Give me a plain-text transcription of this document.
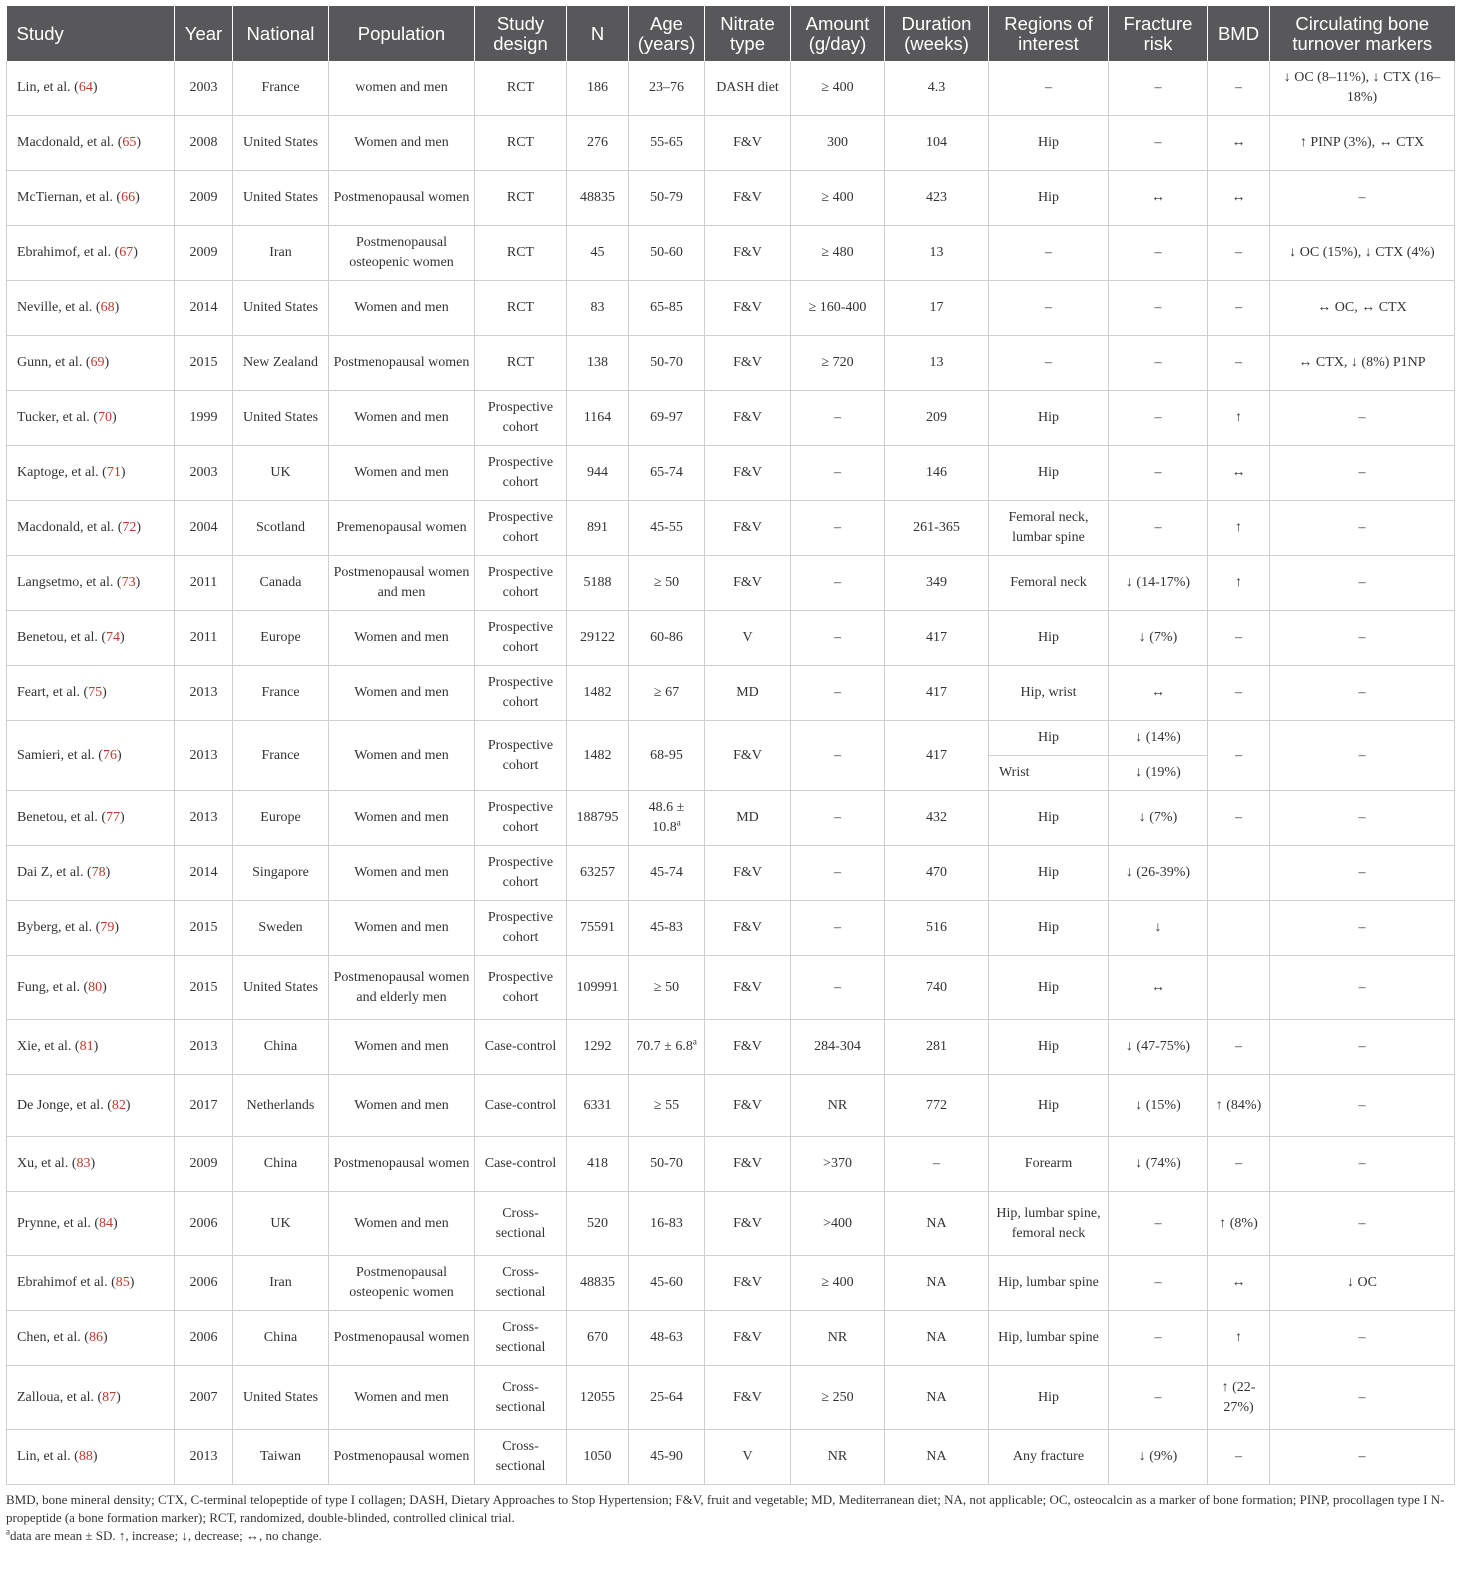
Study	Year	National	Population	Study design	N	Age (years)	Nitrate type	Amount (g/day)	Duration (weeks)	Regions of interest	Fracture risk	BMD	Circulating bone turnover markers
Lin, et al. (64)	2003	France	women and men	RCT	186	23–76	DASH diet	≥ 400	4.3	–	–	–	↓ OC (8–11%), ↓ CTX (16–18%)
Macdonald, et al. (65)	2008	United States	Women and men	RCT	276	55-65	F&V	300	104	Hip	–	↔	↑ PINP (3%), ↔ CTX
McTiernan, et al. (66)	2009	United States	Postmenopausal women	RCT	48835	50-79	F&V	≥ 400	423	Hip	↔	↔	–
Ebrahimof, et al. (67)	2009	Iran	Postmenopausal osteopenic women	RCT	45	50-60	F&V	≥ 480	13	–	–	–	↓ OC (15%), ↓ CTX (4%)
Neville, et al. (68)	2014	United States	Women and men	RCT	83	65-85	F&V	≥ 160-400	17	–	–	–	↔ OC, ↔ CTX
Gunn, et al. (69)	2015	New Zealand	Postmenopausal women	RCT	138	50-70	F&V	≥ 720	13	–	–	–	↔ CTX, ↓ (8%) P1NP
Tucker, et al. (70)	1999	United States	Women and men	Prospective cohort	1164	69-97	F&V	–	209	Hip	–	↑	–
Kaptoge, et al. (71)	2003	UK	Women and men	Prospective cohort	944	65-74	F&V	–	146	Hip	–	↔	–
Macdonald, et al. (72)	2004	Scotland	Premenopausal women	Prospective cohort	891	45-55	F&V	–	261-365	Femoral neck, lumbar spine	–	↑	–
Langsetmo, et al. (73)	2011	Canada	Postmenopausal women and men	Prospective cohort	5188	≥ 50	F&V	–	349	Femoral neck	↓ (14-17%)	↑	–
Benetou, et al. (74)	2011	Europe	Women and men	Prospective cohort	29122	60-86	V	–	417	Hip	↓ (7%)	–	–
Feart, et al. (75)	2013	France	Women and men	Prospective cohort	1482	≥ 67	MD	–	417	Hip, wrist	↔	–	–
Samieri, et al. (76)	2013	France	Women and men	Prospective cohort	1482	68-95	F&V	–	417	Hip	↓ (14%)	–	–
										Wrist	↓ (19%)		
Benetou, et al. (77)	2013	Europe	Women and men	Prospective cohort	188795	48.6 ± 10.8$^a$	MD	–	432	Hip	↓ (7%)	–	–
Dai Z, et al. (78)	2014	Singapore	Women and men	Prospective cohort	63257	45-74	F&V	–	470	Hip	↓ (26-39%)		–
Byberg, et al. (79)	2015	Sweden	Women and men	Prospective cohort	75591	45-83	F&V	–	516	Hip	↓		–
Fung, et al. (80)	2015	United States	Postmenopausal women and elderly men	Prospective cohort	109991	≥ 50	F&V	–	740	Hip	↔		–
Xie, et al. (81)	2013	China	Women and men	Case-control	1292	70.7 ± 6.8$^a$	F&V	284-304	281	Hip	↓ (47-75%)	–	–
De Jonge, et al. (82)	2017	Netherlands	Women and men	Case-control	6331	≥ 55	F&V	NR	772	Hip	↓ (15%)	↑ (84%)	–
Xu, et al. (83)	2009	China	Postmenopausal women	Case-control	418	50-70	F&V	>370	–	Forearm	↓ (74%)	–	–
Prynne, et al. (84)	2006	UK	Women and men	Cross-sectional	520	16-83	F&V	>400	NA	Hip, lumbar spine, femoral neck	–	↑ (8%)	–
Ebrahimof et al. (85)	2006	Iran	Postmenopausal osteopenic women	Cross-sectional	48835	45-60	F&V	≥ 400	NA	Hip, lumbar spine	–	↔	↓ OC
Chen, et al. (86)	2006	China	Postmenopausal women	Cross-sectional	670	48-63	F&V	NR	NA	Hip, lumbar spine	–	↑	–
Zalloua, et al. (87)	2007	United States	Women and men	Cross-sectional	12055	25-64	F&V	≥ 250	NA	Hip	–	↑ (22-27%)	–
Lin, et al. (88)	2013	Taiwan	Postmenopausal women	Cross-sectional	1050	45-90	V	NR	NA	Any fracture	↓ (9%)	–	–
BMD, bone mineral density; CTX, C-terminal telopeptide of type I collagen; DASH, Dietary Approaches to Stop Hypertension; F&V, fruit and vegetable; MD, Mediterranean diet; NA, not applicable; OC, osteocalcin as a marker of bone formation; PINP, procollagen type I N-propeptide (a bone formation marker); RCT, randomized, double-blinded, controlled clinical trial.
$^a$data are mean ± SD. ↑, increase; ↓, decrease; ↔, no change.
